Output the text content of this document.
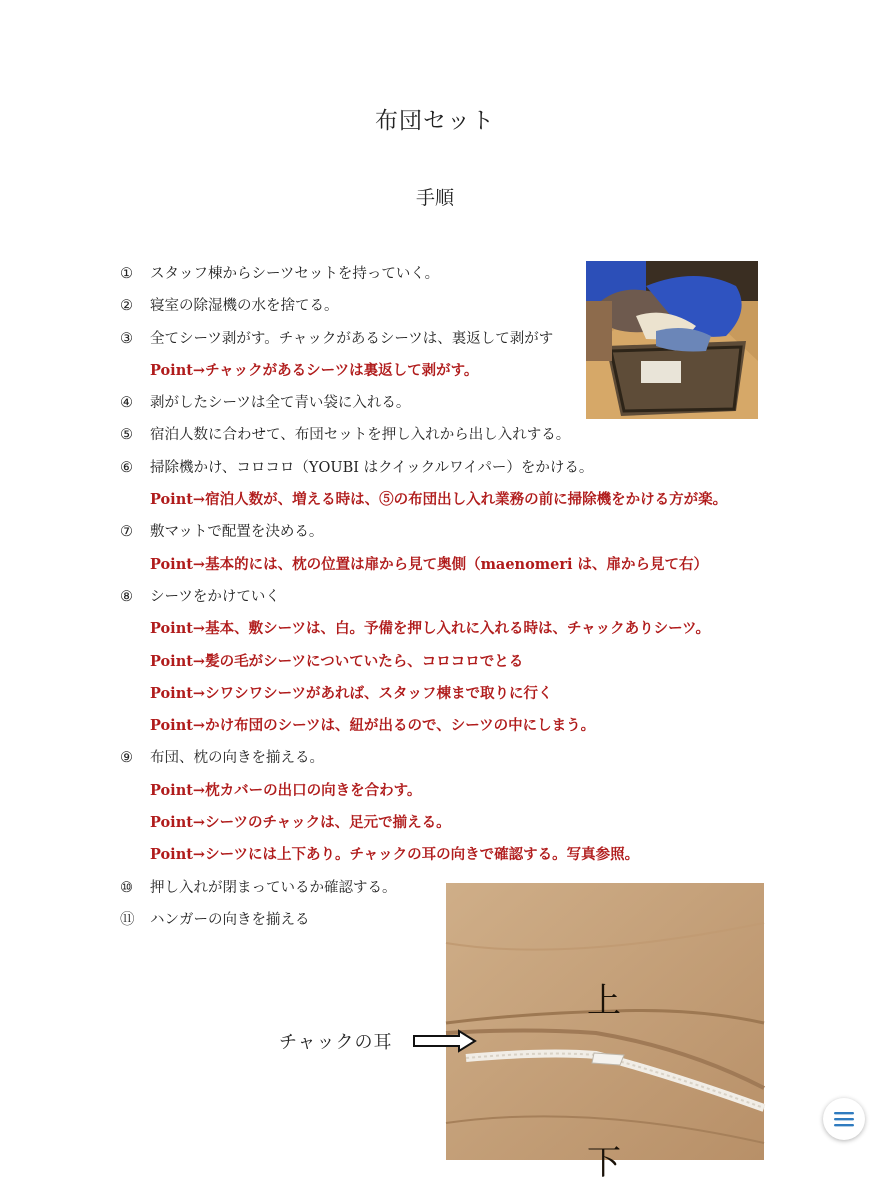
布団セット
手順
① スタッフ棟からシーツセットを持っていく。
② 寝室の除湿機の水を捨てる。
③ 全てシーツ剥がす。チャックがあるシーツは、裏返して剥がす
Point→チャックがあるシーツは裏返して剥がす。
④ 剥がしたシーツは全て青い袋に入れる。
⑤ 宿泊人数に合わせて、布団セットを押し入れから出し入れする。
⑥ 掃除機かけ、コロコロ（YOUBI はクイックルワイパー）をかける。
Point→宿泊人数が、増える時は、⑤の布団出し入れ業務の前に掃除機をかける方が楽。
⑦ 敷マットで配置を決める。
Point→基本的には、枕の位置は扉から見て奥側（maenomeri は、扉から見て右）
⑧ シーツをかけていく
Point→基本、敷シーツは、白。予備を押し入れに入れる時は、チャックありシーツ。
Point→髪の毛がシーツについていたら、コロコロでとる
Point→シワシワシーツがあれば、スタッフ棟まで取りに行く
Point→かけ布団のシーツは、紐が出るので、シーツの中にしまう。
⑨ 布団、枕の向きを揃える。
Point→枕カバーの出口の向きを合わす。
Point→シーツのチャックは、足元で揃える。
Point→シーツには上下あり。チャックの耳の向きで確認する。写真参照。
⑩ 押し入れが閉まっているか確認する。
⑪ ハンガーの向きを揃える
上
下
チャックの耳
